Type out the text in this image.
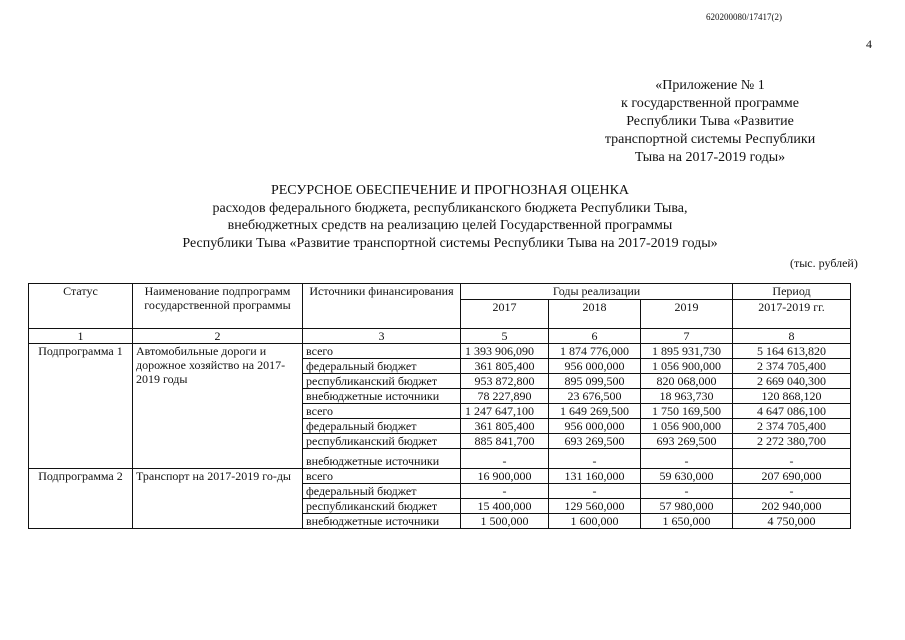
620200080/17417(2)
4
«Приложение № 1
к государственной программе
Республики Тыва «Развитие
транспортной системы Республики
Тыва на 2017-2019 годы»
РЕСУРСНОЕ ОБЕСПЕЧЕНИЕ И ПРОГНОЗНАЯ ОЦЕНКА
расходов федерального бюджета, республиканского бюджета Республики Тыва,
внебюджетных средств на реализацию целей Государственной программы
Республики Тыва «Развитие транспортной системы Республики Тыва на 2017-2019 годы»
(тыс. рублей)
Статус	Наименование подпрограмм государственной программы	Источники финансирования	Годы реализации			Период
			2017	2018	2019	2017-2019 гг.
1	2	3	5	6	7	8
Подпрограмма 1	Автомобильные дороги и дорожное хозяйство на 2017-2019 годы	всего	1 393 906,090	1 874 776,000	1 895 931,730	5 164 613,820
		федеральный бюджет	361 805,400	956 000,000	1 056 900,000	2 374 705,400
		республиканский бюджет	953 872,800	895 099,500	820 068,000	2 669 040,300
		внебюджетные источники	78 227,890	23 676,500	18 963,730	120 868,120
		всего	1 247 647,100	1 649 269,500	1 750 169,500	4 647 086,100
		федеральный бюджет	361 805,400	956 000,000	1 056 900,000	2 374 705,400
		республиканский бюджет	885 841,700	693 269,500	693 269,500	2 272 380,700
		внебюджетные источники	-	-	-	-
Подпрограмма 2	Транспорт на 2017-2019 го-ды	всего	16 900,000	131 160,000	59 630,000	207 690,000
		федеральный бюджет	-	-	-	-
		республиканский бюджет	15 400,000	129 560,000	57 980,000	202 940,000
		внебюджетные источники	1 500,000	1 600,000	1 650,000	4 750,000
